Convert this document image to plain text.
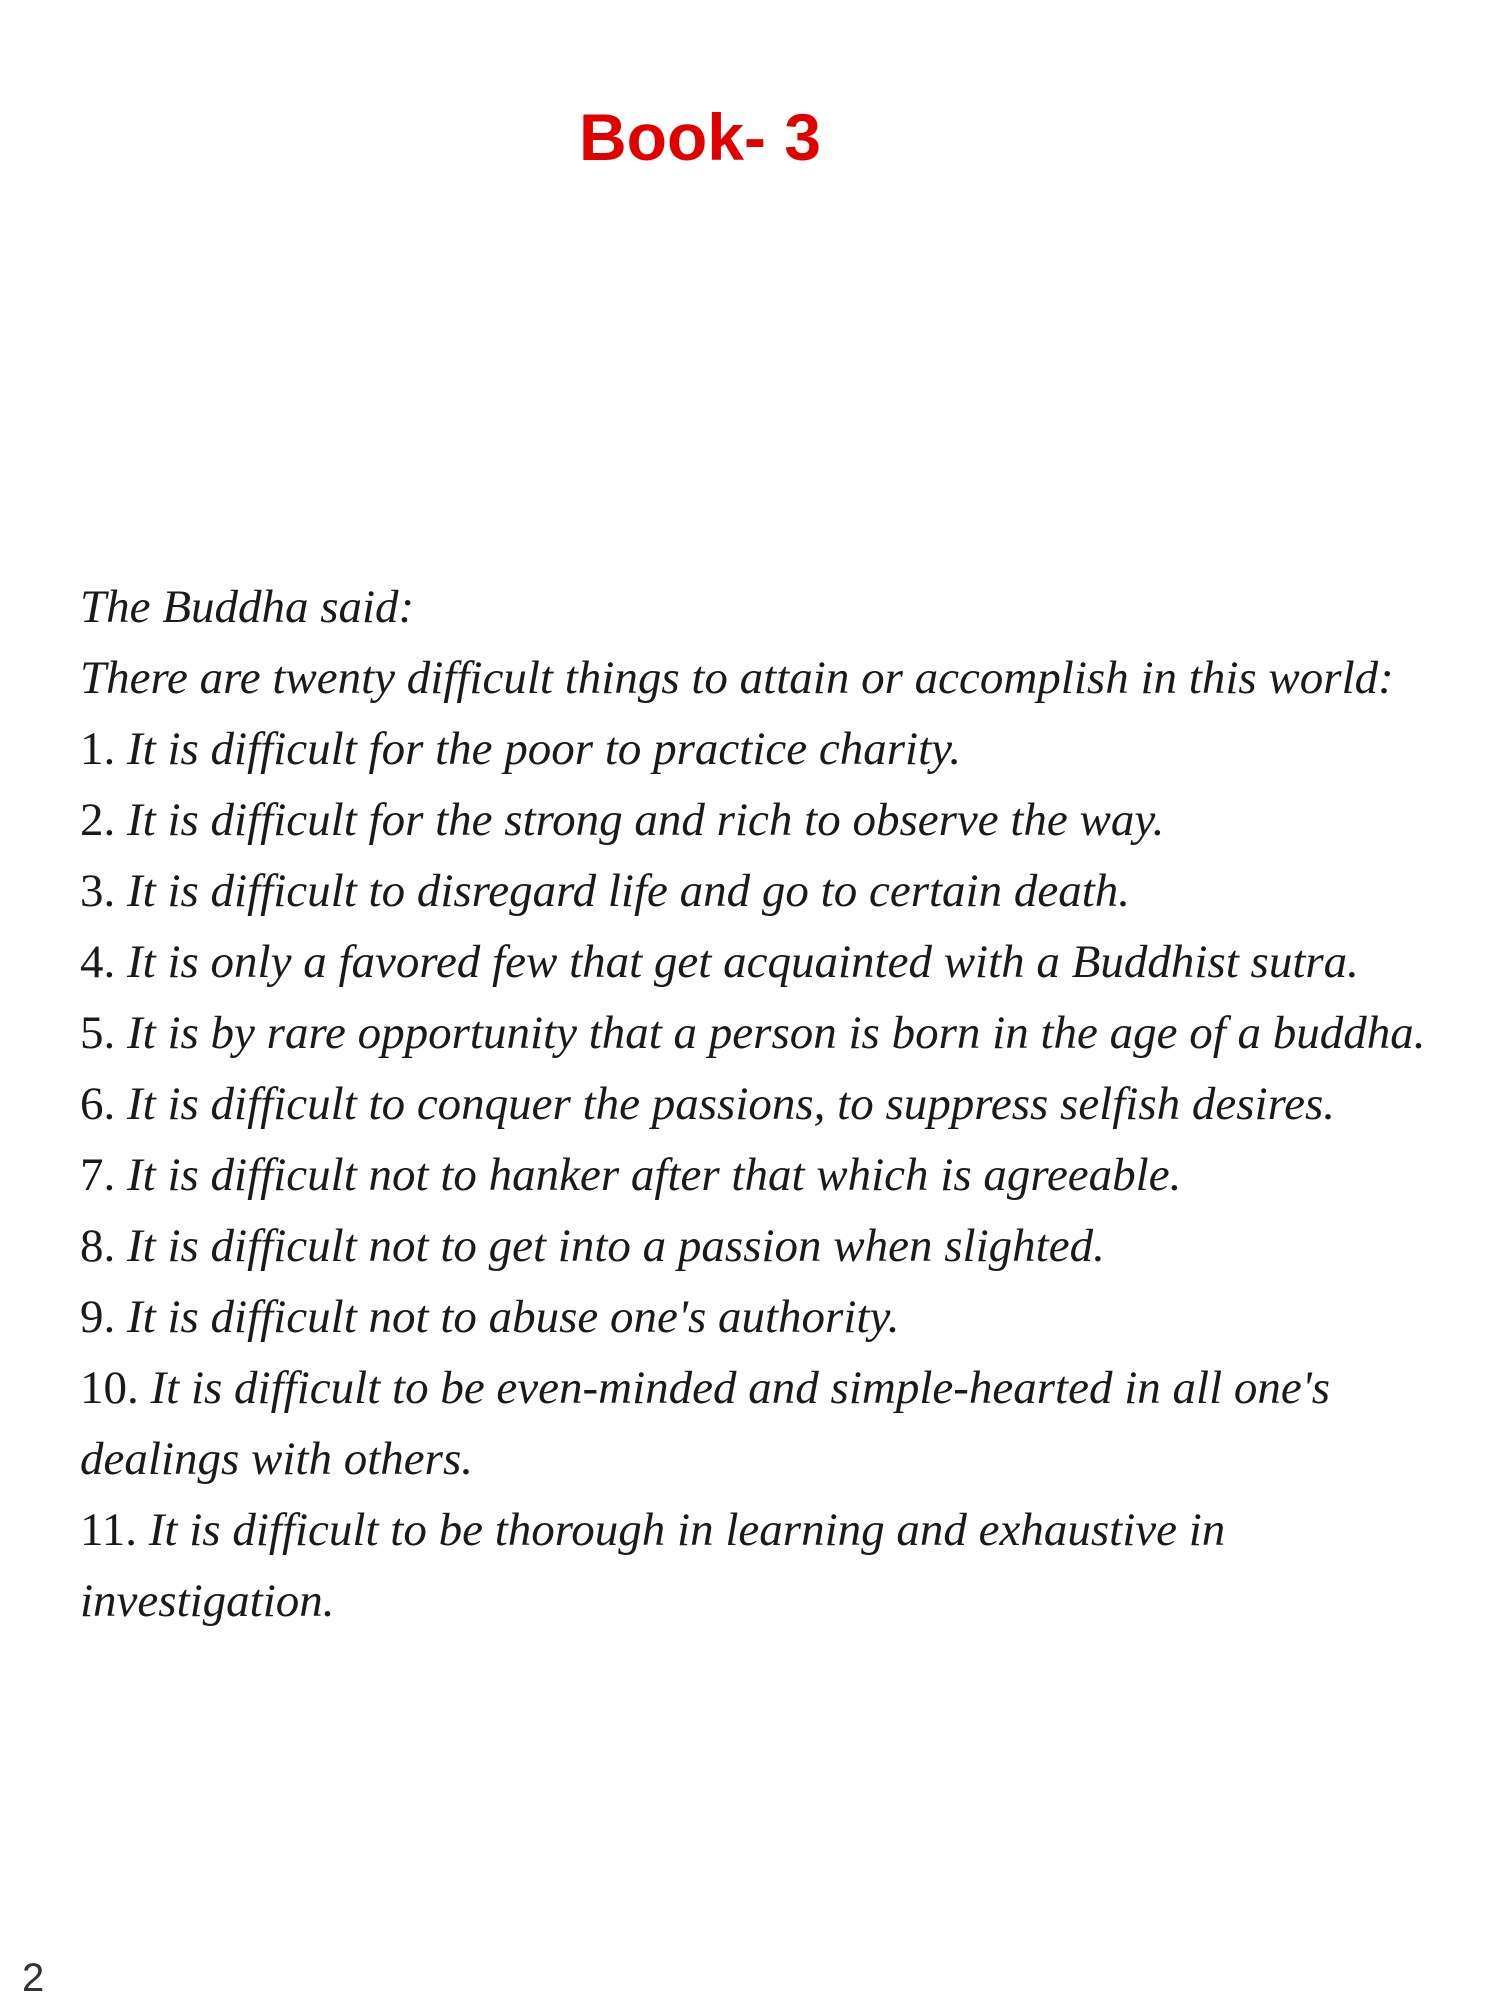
Book- 3

The Buddha said:

There are twenty difficult things to attain or accomplish in this world:

1. It is difficult for the poor to practice charity.

2. It is difficult for the strong and rich to observe the way.

3. It is difficult to disregard life and go to certain death.

4. It is only a favored few that get acquainted with a Buddhist sutra.

5. It is by rare opportunity that a person is born in the age of a buddha.

6. It is difficult to conquer the passions, to suppress selfish desires.

7. It is difficult not to hanker after that which is agreeable.

8. It is difficult not to get into a passion when slighted.

9. It is difficult not to abuse one's authority.

10. It is difficult to be even-minded and simple-hearted in all one's dealings with others.

11. It is difficult to be thorough in learning and exhaustive in investigation.

2
